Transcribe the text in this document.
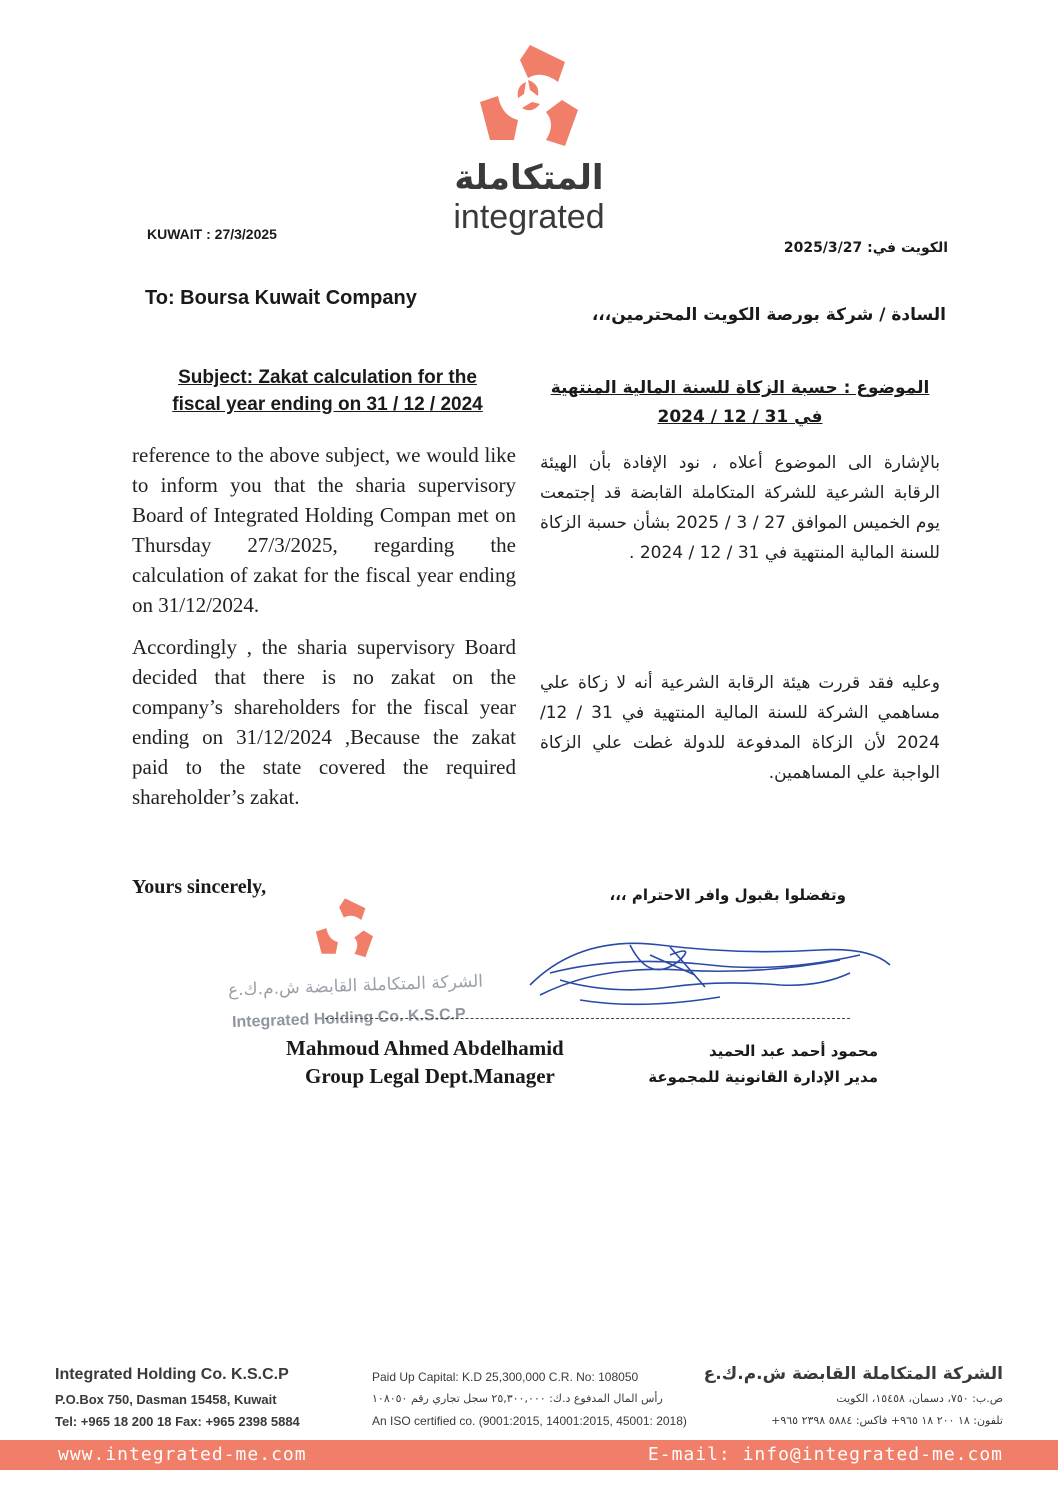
المتكاملة
integrated
KUWAIT : 27/3/2025
الكويت في: 2025/3/27
To: Boursa Kuwait Company
السادة / شركة بورصة الكويت المحترمين،،،
Subject: Zakat calculation for the
fiscal year ending on 31 / 12 / 2024
الموضوع : حسبة الزكاة للسنة المالية المنتهية
في 31 / 12 / 2024
reference to the above subject, we would like to inform you that the sharia supervisory Board of Integrated Holding Compan met on Thursday 27/3/2025, regarding the calculation of zakat for the fiscal year ending on 31/12/2024.
Accordingly , the sharia supervisory Board decided that there is no zakat on the company’s shareholders for the fiscal year ending on 31/12/2024 ,Because the zakat paid to the state covered the required shareholder’s zakat.
بالإشارة الى الموضوع أعلاه ، نود الإفادة بأن الهيئة الرقابة الشرعية للشركة المتكاملة القابضة قد إجتمعت يوم الخميس الموافق 27 / 3 / 2025 بشأن حسبة الزكاة للسنة المالية المنتهية في 31 / 12 / 2024 .
وعليه فقد قررت هيئة الرقابة الشرعية أنه لا زكاة علي مساهمي الشركة للسنة المالية المنتهية في 31 / 12/ 2024 لأن الزكاة المدفوعة للدولة غطت علي الزكاة الواجبة علي المساهمين.
Yours sincerely,	وتفضلوا بقبول وافر الاحترام ،،،
الشركة المتكاملة القابضة ش.م.ك.ع
Integrated Holding Co. K.S.C.P
Mahmoud Ahmed Abdelhamid
Group Legal Dept.Manager
محمود أحمد عبد الحميد
مدير الإدارة القانونية للمجموعة
Integrated Holding Co. K.S.C.P
P.O.Box 750, Dasman 15458, Kuwait
Tel: +965 18 200 18 Fax: +965 2398 5884
Paid Up Capital: K.D 25,300,000 C.R. No: 108050
رأس المال المدفوع د.ك: ٢٥,٣٠٠,٠٠٠ سجل تجاري رقم ١٠٨٠٥٠
An ISO certified co. (9001:2015, 14001:2015, 45001: 2018)
الشركة المتكاملة القابضة ش.م.ك.ع
ص.ب: ٧٥٠، دسمان، ١٥٤٥٨، الكويت
تلفون: ١٨ ٢٠٠ ١٨ ٩٦٥+ فاكس: ٥٨٨٤ ٢٣٩٨ ٩٦٥+
www.integrated-me.com	E-mail: info@integrated-me.com
